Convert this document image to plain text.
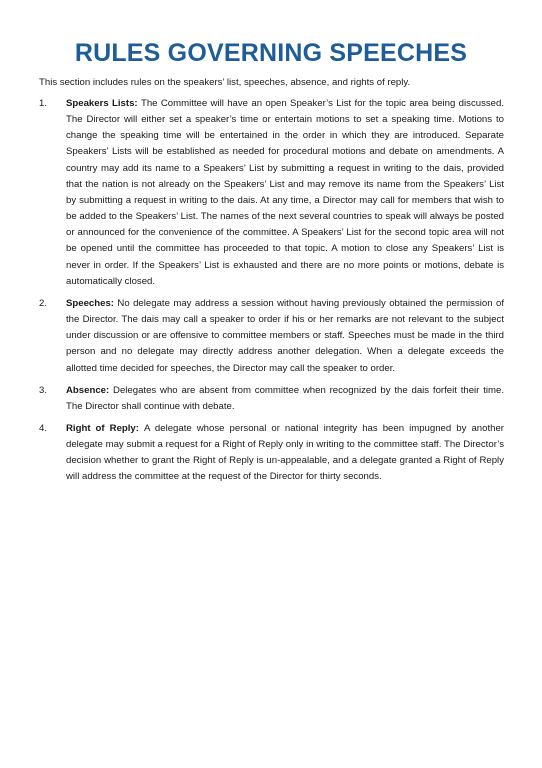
RULES GOVERNING SPEECHES

This section includes rules on the speakers’ list, speeches, absence, and rights of reply.

1. Speakers Lists: The Committee will have an open Speaker’s List for the topic area being discussed. The Director will either set a speaker’s time or entertain motions to set a speaking time. Motions to change the speaking time will be entertained in the order in which they are introduced. Separate Speakers’ Lists will be established as needed for procedural motions and debate on amendments. A country may add its name to a Speakers’ List by submitting a request in writing to the dais, provided that the nation is not already on the Speakers’ List and may remove its name from the Speakers’ List by submitting a request in writing to the dais. At any time, a Director may call for members that wish to be added to the Speakers’ List. The names of the next several countries to speak will always be posted or announced for the convenience of the committee. A Speakers’ List for the second topic area will not be opened until the committee has proceeded to that topic. A motion to close any Speakers’ List is never in order. If the Speakers’ List is exhausted and there are no more points or motions, debate is automatically closed.
2. Speeches: No delegate may address a session without having previously obtained the permission of the Director. The dais may call a speaker to order if his or her remarks are not relevant to the subject under discussion or are offensive to committee members or staff. Speeches must be made in the third person and no delegate may directly address another delegation. When a delegate exceeds the allotted time decided for speeches, the Director may call the speaker to order.
3. Absence: Delegates who are absent from committee when recognized by the dais forfeit their time. The Director shall continue with debate.
4. Right of Reply: A delegate whose personal or national integrity has been impugned by another delegate may submit a request for a Right of Reply only in writing to the committee staff. The Director’s decision whether to grant the Right of Reply is un-appealable, and a delegate granted a Right of Reply will address the committee at the request of the Director for thirty seconds.
